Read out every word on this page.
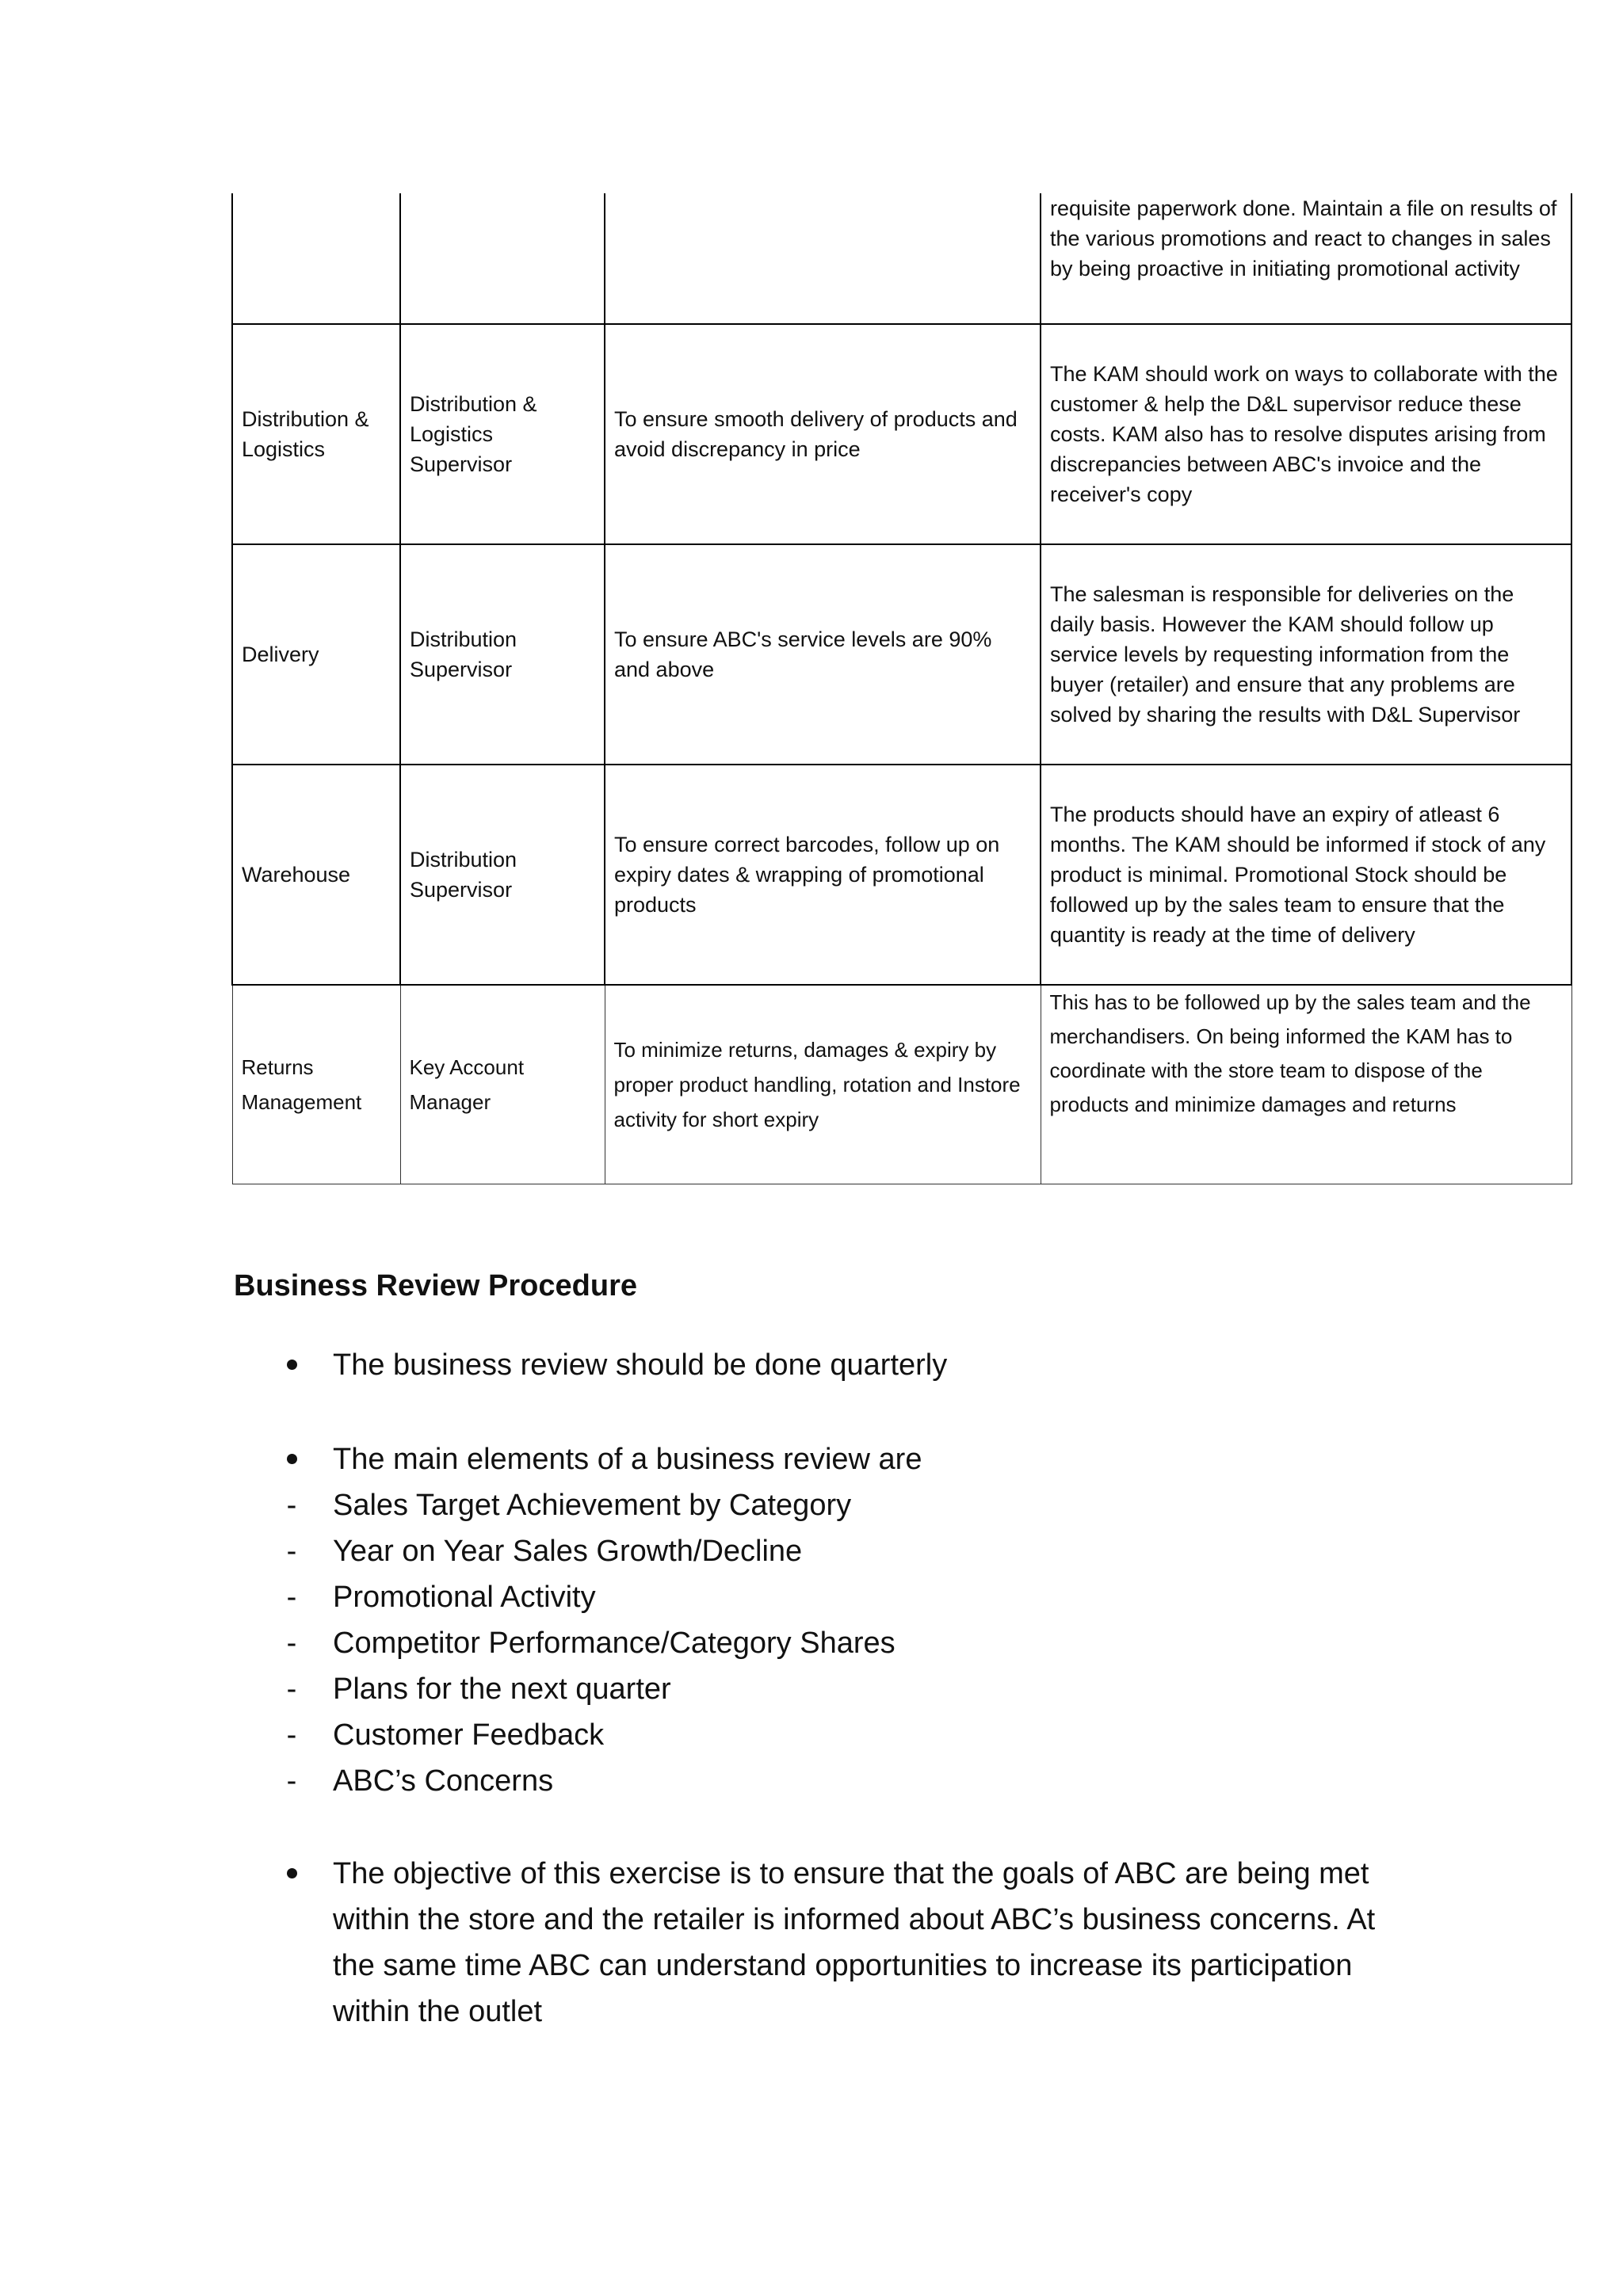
			requisite paperwork done. Maintain a file on results of the various promotions and react to changes in sales by being proactive in initiating promotional activity
Distribution & Logistics	Distribution & Logistics Supervisor	To ensure smooth delivery of products and avoid discrepancy in price	The KAM should work on ways to collaborate with the customer & help the D&L supervisor reduce these costs. KAM also has to resolve disputes arising from discrepancies between ABC's invoice and the receiver's copy
Delivery	Distribution Supervisor	To ensure ABC's service levels are 90% and above	The salesman is responsible for deliveries on the daily basis. However the KAM should follow up service levels by requesting information from the buyer (retailer) and ensure that any problems are solved by sharing the results with D&L Supervisor
Warehouse	Distribution Supervisor	To ensure correct barcodes, follow up on expiry dates & wrapping of promotional products	The products should have an expiry of atleast 6 months. The KAM should be informed if stock of any product is minimal. Promotional Stock should be followed up by the sales team to ensure that the quantity is ready at the time of delivery
Returns Management	Key Account Manager	To minimize returns, damages & expiry by proper product handling, rotation and Instore activity for short expiry	This has to be followed up by the sales team and the merchandisers. On being informed the KAM has to coordinate with the store team to dispose of the products and minimize damages and returns
Business Review Procedure
The business review should be done quarterly
The main elements of a business review are
-	Sales Target Achievement by Category
-	Year on Year Sales Growth/Decline
-	Promotional Activity
-	Competitor Performance/Category Shares
-	Plans for the next quarter
-	Customer Feedback
-	ABC’s Concerns
The objective of this exercise is to ensure that the goals of ABC are being met
within the store and the retailer is informed about ABC’s business concerns. At
the same time ABC can understand opportunities to increase its participation
within the outlet
